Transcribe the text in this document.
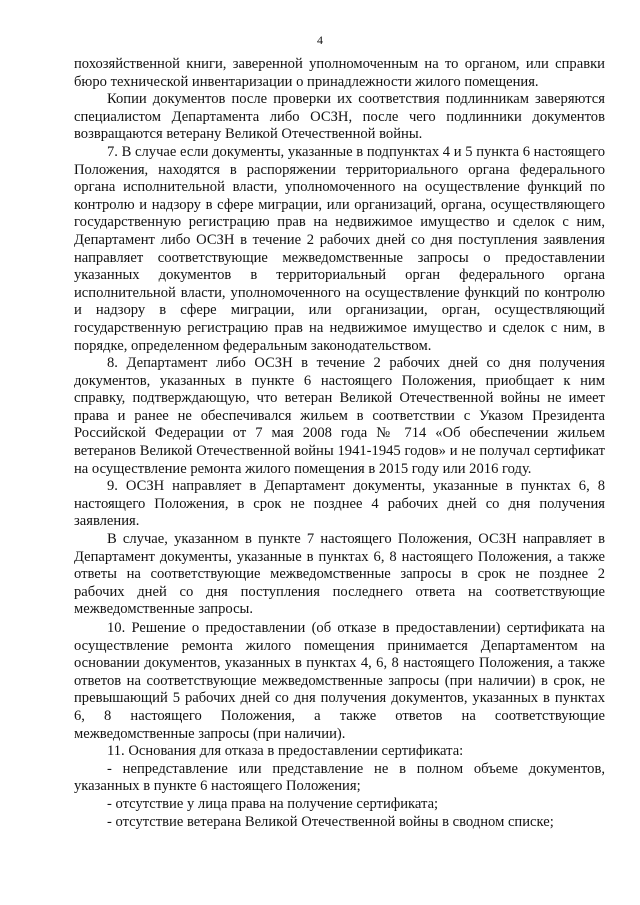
4

похозяйственной книги, заверенной уполномоченным на то органом, или справки бюро технической инвентаризации о принадлежности жилого помещения.

Копии документов после проверки их соответствия подлинникам заверяются специалистом Департамента либо ОСЗН, после чего подлинники документов возвращаются ветерану Великой Отечественной войны.

7. В случае если документы, указанные в подпунктах 4 и 5 пункта 6 настоящего Положения, находятся в распоряжении территориального органа федерального органа исполнительной власти, уполномоченного на осуществление функций по контролю и надзору в сфере миграции, или организаций, органа, осуществляющего государственную регистрацию прав на недвижимое имущество и сделок с ним, Департамент либо ОСЗН в течение 2 рабочих дней со дня поступления заявления направляет соответствующие межведомственные запросы о предоставлении указанных документов в территориальный орган федерального органа исполнительной власти, уполномоченного на осуществление функций по контролю и надзору в сфере миграции, или организации, орган, осуществляющий государственную регистрацию прав на недвижимое имущество и сделок с ним, в порядке, определенном федеральным законодательством.

8. Департамент либо ОСЗН в течение 2 рабочих дней со дня получения документов, указанных в пункте 6 настоящего Положения, приобщает к ним справку, подтверждающую, что ветеран Великой Отечественной войны не имеет права и ранее не обеспечивался жильем в соответствии с Указом Президента Российской Федерации от 7 мая 2008 года № 714 «Об обеспечении жильем ветеранов Великой Отечественной войны 1941-1945 годов» и не получал сертификат на осуществление ремонта жилого помещения в 2015 году или 2016 году.

9. ОСЗН направляет в Департамент документы, указанные в пунктах 6, 8 настоящего Положения, в срок не позднее 4 рабочих дней со дня получения заявления.

В случае, указанном в пункте 7 настоящего Положения, ОСЗН направляет в Департамент документы, указанные в пунктах 6, 8 настоящего Положения, а также ответы на соответствующие межведомственные запросы в срок не позднее 2 рабочих дней со дня поступления последнего ответа на соответствующие межведомственные запросы.

10. Решение о предоставлении (об отказе в предоставлении) сертификата на осуществление ремонта жилого помещения принимается Департаментом на основании документов, указанных в пунктах 4, 6, 8 настоящего Положения, а также ответов на соответствующие межведомственные запросы (при наличии) в срок, не превышающий 5 рабочих дней со дня получения документов, указанных в пунктах 6, 8 настоящего Положения, а также ответов на соответствующие межведомственные запросы (при наличии).

11. Основания для отказа в предоставлении сертификата:

- непредставление или представление не в полном объеме документов, указанных в пункте 6 настоящего Положения;

- отсутствие у лица права на получение сертификата;

- отсутствие ветерана Великой Отечественной войны в сводном списке;
